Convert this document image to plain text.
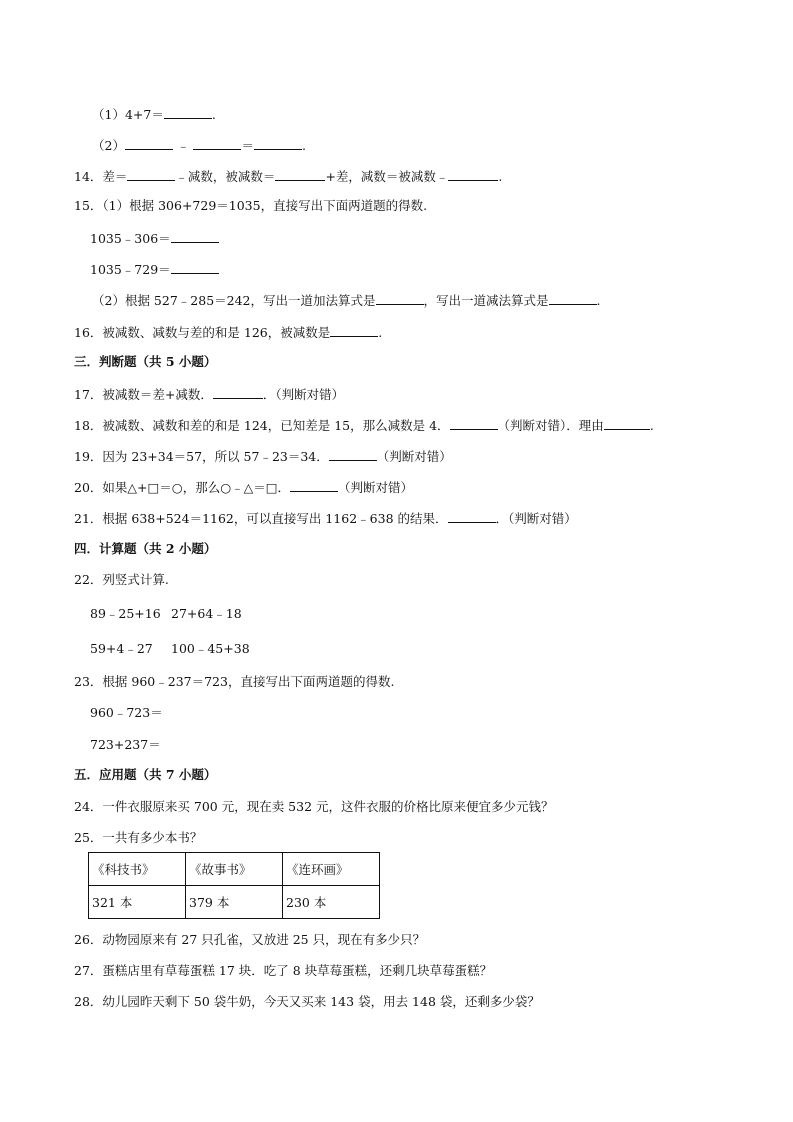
（1）4+7＝	.
（2）	﹣	＝	.
14．差＝	﹣减数，被减数＝	+差，减数＝被减数﹣	.
15．（1）根据 306+729＝1035，直接写出下面两道题的得数.
1035﹣306＝
1035﹣729＝
（2）根据 527﹣285＝242，写出一道加法算式是	，写出一道减法算式是	.
16．被减数、减数与差的和是 126，被减数是	.
三．判断题（共 5 小题）
17．被减数＝差+减数．	．（判断对错）
18．被减数、减数和差的和是 124，已知差是 15，那么减数是 4．	（判断对错）．理由	.
19．因为 23+34＝57，所以 57﹣23＝34．	（判断对错）
20．如果△+□＝○，那么○﹣△＝□．	（判断对错）
21．根据 638+524＝1162，可以直接写出 1162﹣638 的结果．	．（判断对错）
四．计算题（共 2 小题）
22．列竖式计算.
89﹣25+16 27+64﹣18
59+4﹣27 100﹣45+38
23．根据 960﹣237＝723，直接写出下面两道题的得数.
960﹣723＝
723+237＝
五．应用题（共 7 小题）
24．一件衣服原来买 700 元，现在卖 532 元，这件衣服的价格比原来便宜多少元钱？
25．一共有多少本书？
《科技书》	《故事书》	《连环画》
321 本	379 本	230 本
26．动物园原来有 27 只孔雀，又放进 25 只，现在有多少只？
27．蛋糕店里有草莓蛋糕 17 块．吃了 8 块草莓蛋糕，还剩几块草莓蛋糕？
28．幼儿园昨天剩下 50 袋牛奶，今天又买来 143 袋，用去 148 袋，还剩多少袋？
